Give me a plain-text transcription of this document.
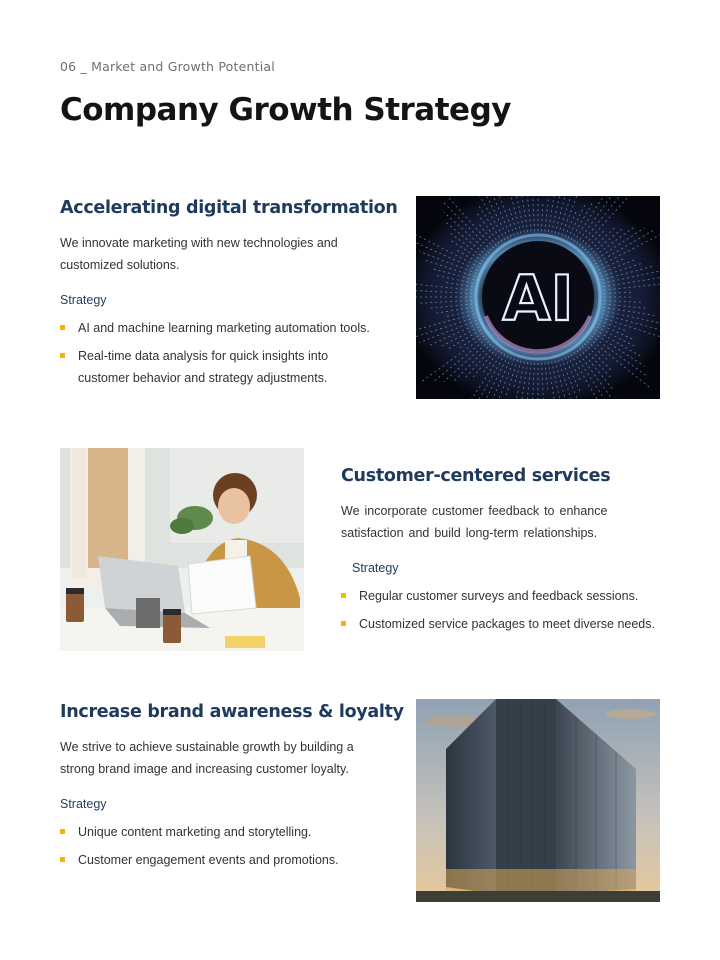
06 _ Market and Growth Potential
Company Growth Strategy
Accelerating digital transformation

We innovate marketing with new technologies and customized solutions.

Strategy
AI and machine learning marketing automation tools.
Real-time data analysis for quick insights into customer behavior and strategy adjustments.
AI
Customer-centered services

We incorporate customer feedback to enhance satisfaction and build long-term relationships.

Strategy
Regular customer surveys and feedback sessions.
Customized service packages to meet diverse needs.
Increase brand awareness & loyalty

We strive to achieve sustainable growth by building a strong brand image and increasing customer loyalty.

Strategy
Unique content marketing and storytelling.
Customer engagement events and promotions.
